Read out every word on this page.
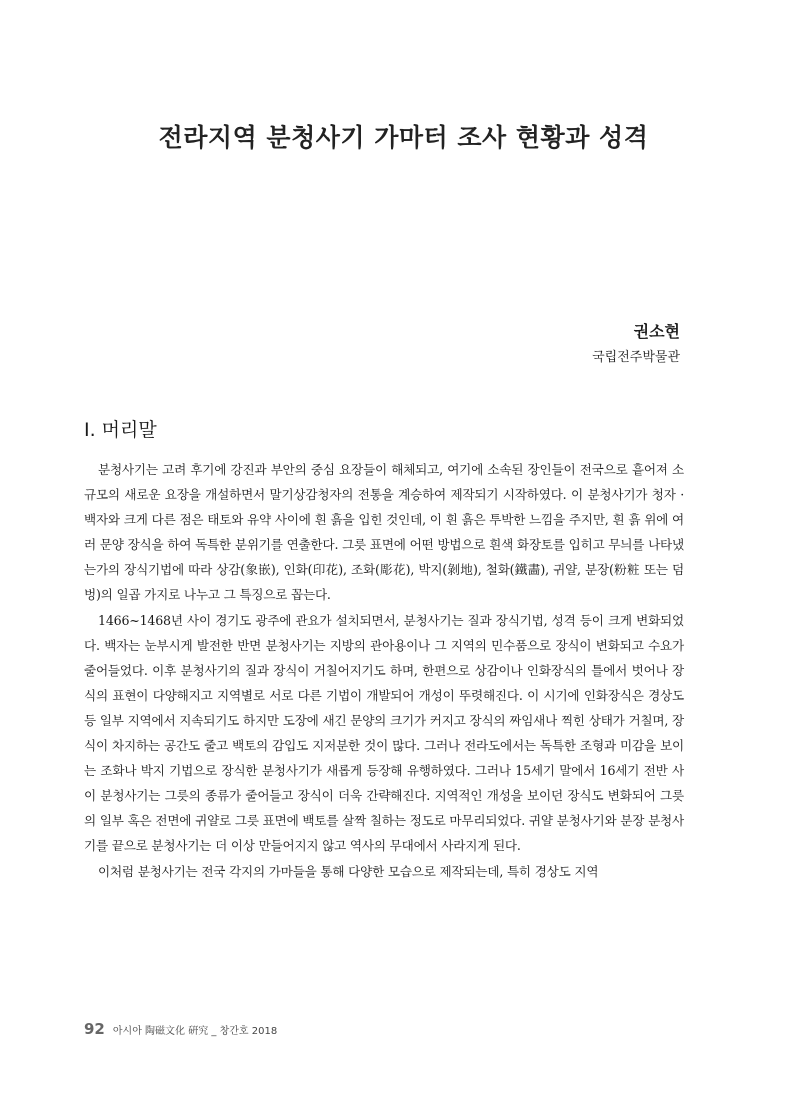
전라지역 분청사기 가마터 조사 현황과 성격
권소현
국립전주박물관
Ⅰ. 머리말

분청사기는 고려 후기에 강진과 부안의 중심 요장들이 해체되고, 여기에 소속된 장인들이 전국으로 흩어져 소규모의 새로운 요장을 개설하면서 말기상감청자의 전통을 계승하여 제작되기 시작하였다. 이 분청사기가 청자 · 백자와 크게 다른 점은 태토와 유약 사이에 흰 흙을 입힌 것인데, 이 흰 흙은 투박한 느낌을 주지만, 흰 흙 위에 여러 문양 장식을 하여 독특한 분위기를 연출한다. 그릇 표면에 어떤 방법으로 흰색 화장토를 입히고 무늬를 나타냈는가의 장식기법에 따라 상감(象嵌), 인화(印花), 조화(彫花), 박지(剝地), 철화(鐵畵), 귀얄, 분장(粉粧 또는 덤벙)의 일곱 가지로 나누고 그 특징으로 꼽는다.

1466~1468년 사이 경기도 광주에 관요가 설치되면서, 분청사기는 질과 장식기법, 성격 등이 크게 변화되었다. 백자는 눈부시게 발전한 반면 분청사기는 지방의 관아용이나 그 지역의 민수품으로 장식이 변화되고 수요가 줄어들었다. 이후 분청사기의 질과 장식이 거칠어지기도 하며, 한편으로 상감이나 인화장식의 틀에서 벗어나 장식의 표현이 다양해지고 지역별로 서로 다른 기법이 개발되어 개성이 뚜렷해진다. 이 시기에 인화장식은 경상도 등 일부 지역에서 지속되기도 하지만 도장에 새긴 문양의 크기가 커지고 장식의 짜임새나 찍힌 상태가 거칠며, 장식이 차지하는 공간도 줄고 백토의 감입도 지저분한 것이 많다. 그러나 전라도에서는 독특한 조형과 미감을 보이는 조화나 박지 기법으로 장식한 분청사기가 새롭게 등장해 유행하였다. 그러나 15세기 말에서 16세기 전반 사이 분청사기는 그릇의 종류가 줄어들고 장식이 더욱 간략해진다. 지역적인 개성을 보이던 장식도 변화되어 그릇의 일부 혹은 전면에 귀얄로 그릇 표면에 백토를 살짝 칠하는 정도로 마무리되었다. 귀얄 분청사기와 분장 분청사기를 끝으로 분청사기는 더 이상 만들어지지 않고 역사의 무대에서 사라지게 된다.

이처럼 분청사기는 전국 각지의 가마들을 통해 다양한 모습으로 제작되는데, 특히 경상도 지역

92 아시아 陶磁文化 硏究 _ 창간호 2018
